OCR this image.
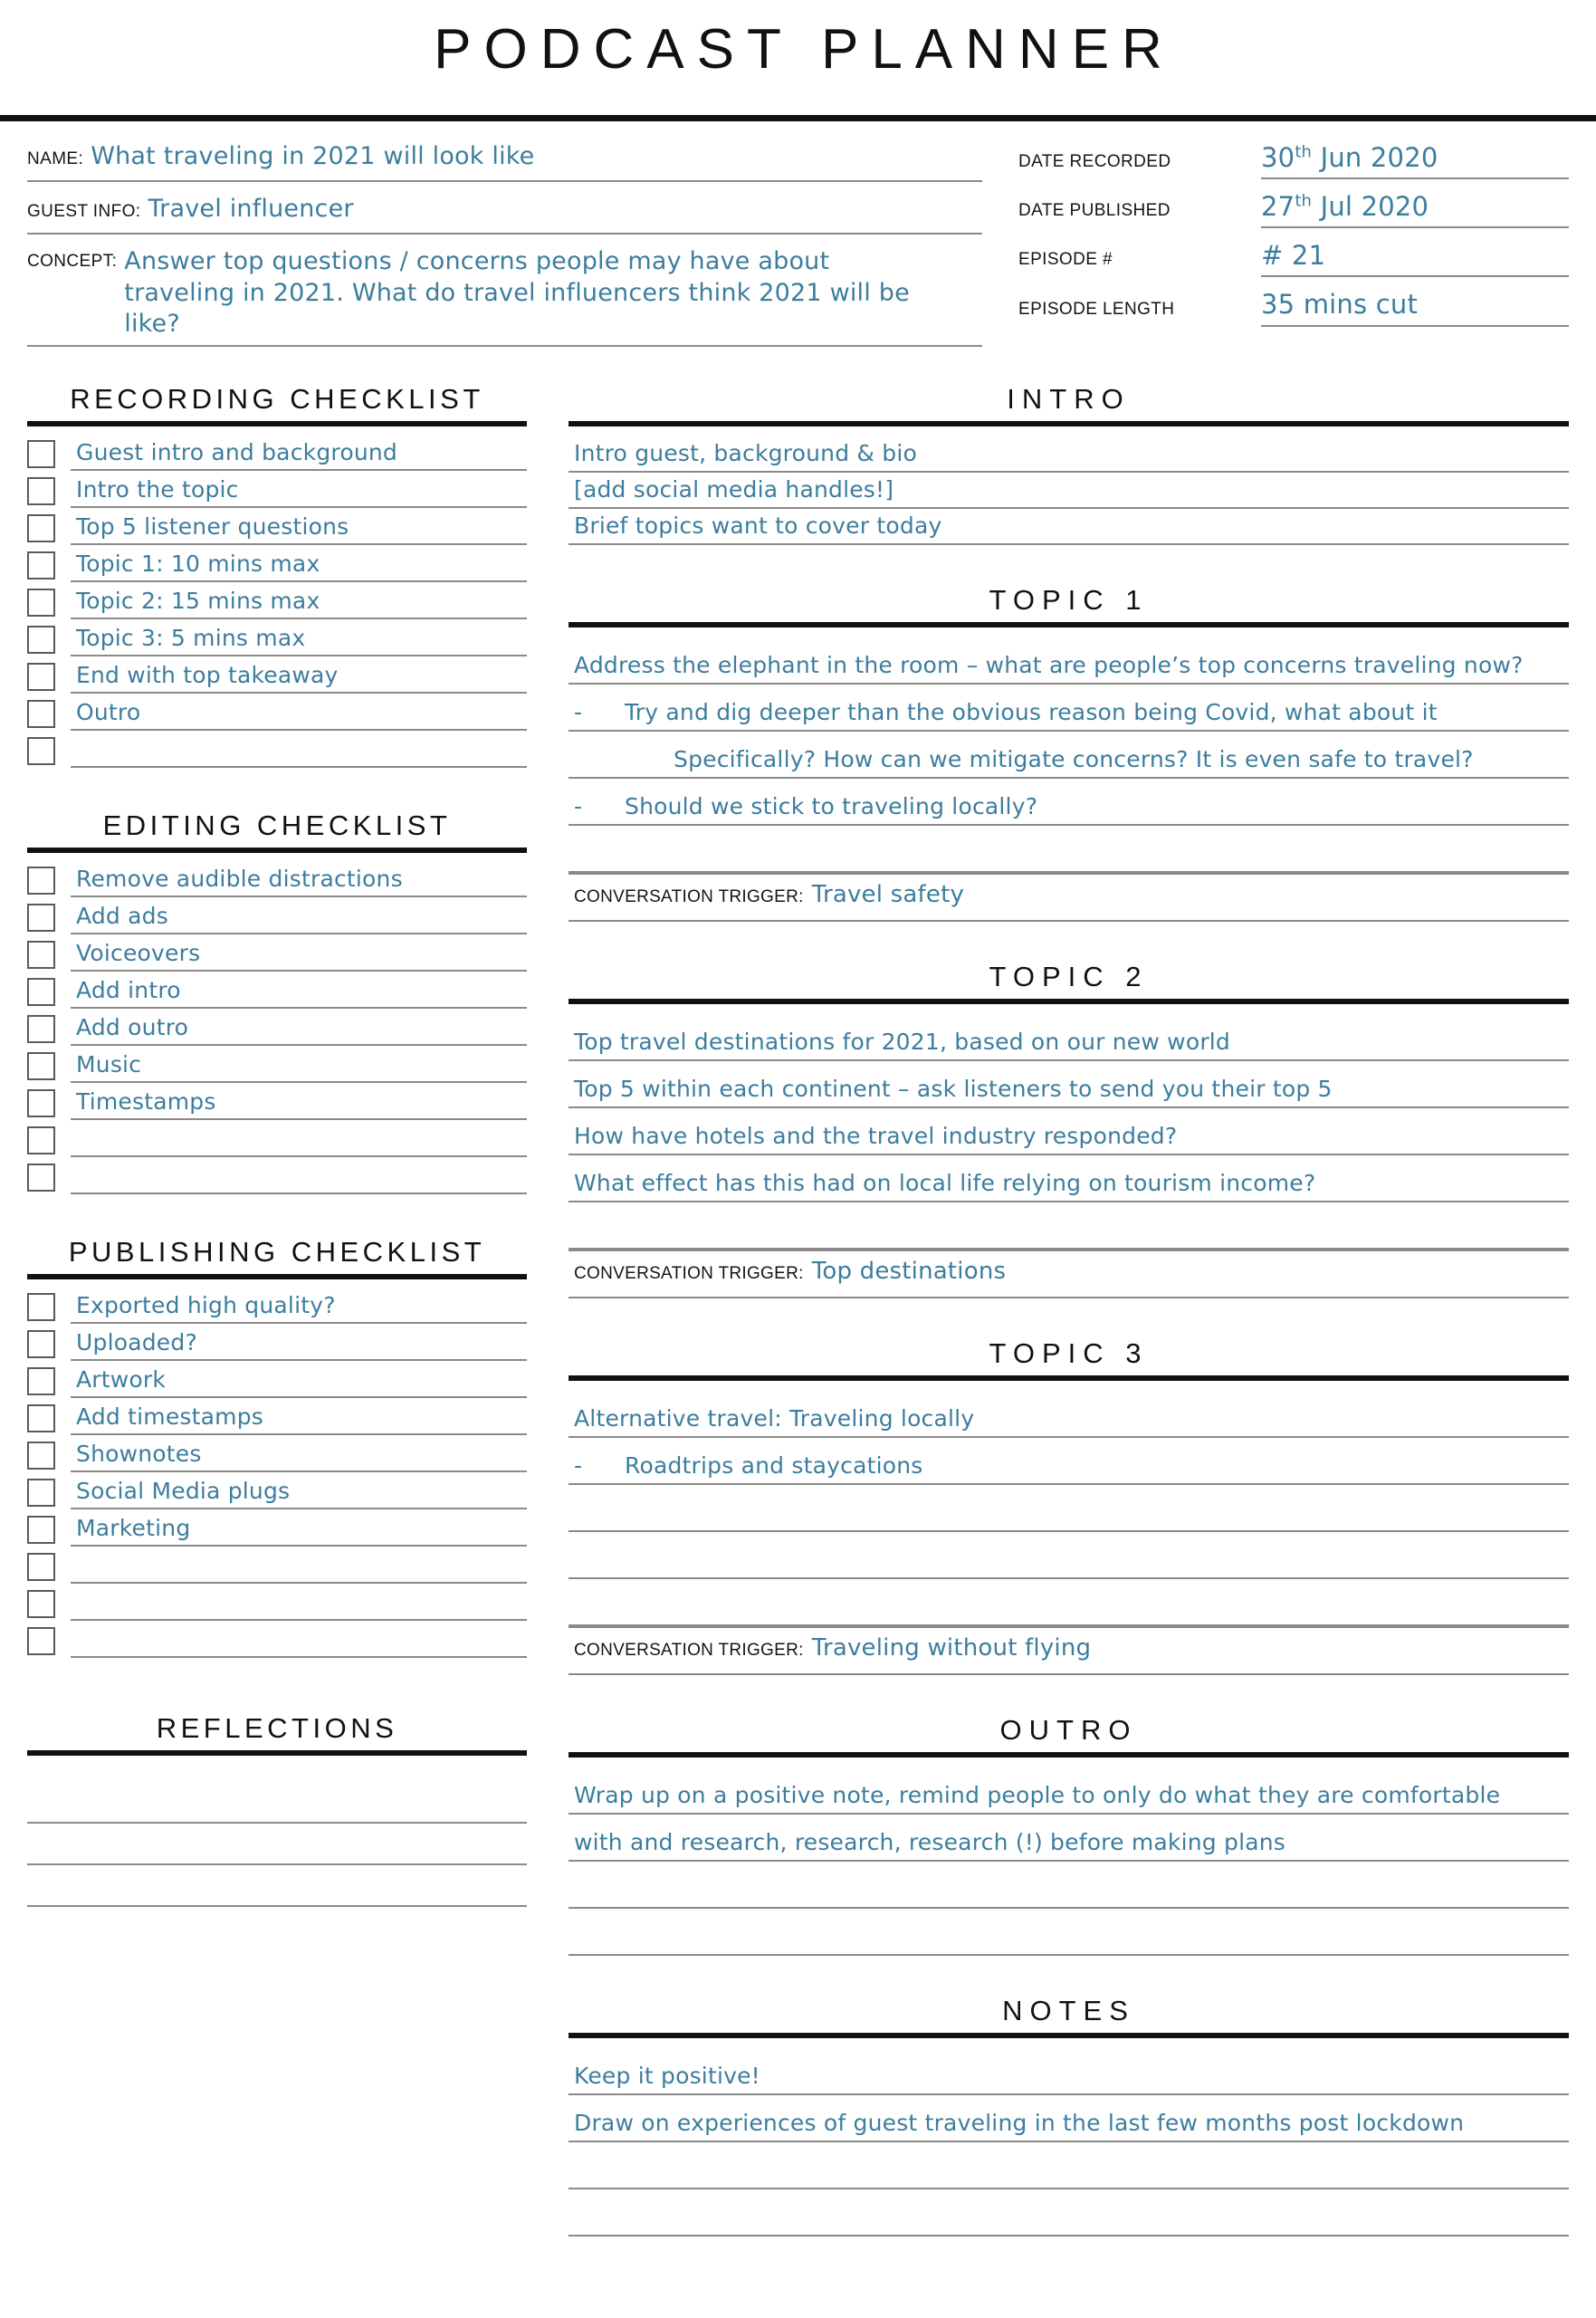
PODCAST PLANNER
NAME: What traveling in 2021 will look like
GUEST INFO: Travel influencer
CONCEPT: Answer top questions / concerns people may have about traveling in 2021. What do travel influencers think 2021 will be like?
DATE RECORDED	30th Jun 2020
DATE PUBLISHED	27th Jul 2020
EPISODE #	# 21
EPISODE LENGTH	35 mins cut
RECORDING CHECKLIST
Guest intro and background
Intro the topic
Top 5 listener questions
Topic 1: 10 mins max
Topic 2: 15 mins max
Topic 3: 5 mins max
End with top takeaway
Outro
EDITING CHECKLIST
Remove audible distractions
Add ads
Voiceovers
Add intro
Add outro
Music
Timestamps
PUBLISHING CHECKLIST
Exported high quality?
Uploaded?
Artwork
Add timestamps
Shownotes
Social Media plugs
Marketing
REFLECTIONS
INTRO
Intro guest, background & bio
[add social media handles!]
Brief topics want to cover today
TOPIC 1
Address the elephant in the room – what are people’s top concerns traveling now?
- Try and dig deeper than the obvious reason being Covid, what about it
Specifically? How can we mitigate concerns? It is even safe to travel?
- Should we stick to traveling locally?
CONVERSATION TRIGGER: Travel safety
TOPIC 2
Top travel destinations for 2021, based on our new world
Top 5 within each continent – ask listeners to send you their top 5
How have hotels and the travel industry responded?
What effect has this had on local life relying on tourism income?
CONVERSATION TRIGGER: Top destinations
TOPIC 3
Alternative travel: Traveling locally
- Roadtrips and staycations
CONVERSATION TRIGGER: Traveling without flying
OUTRO
Wrap up on a positive note, remind people to only do what they are comfortable
with and research, research, research (!) before making plans
NOTES
Keep it positive!
Draw on experiences of guest traveling in the last few months post lockdown
